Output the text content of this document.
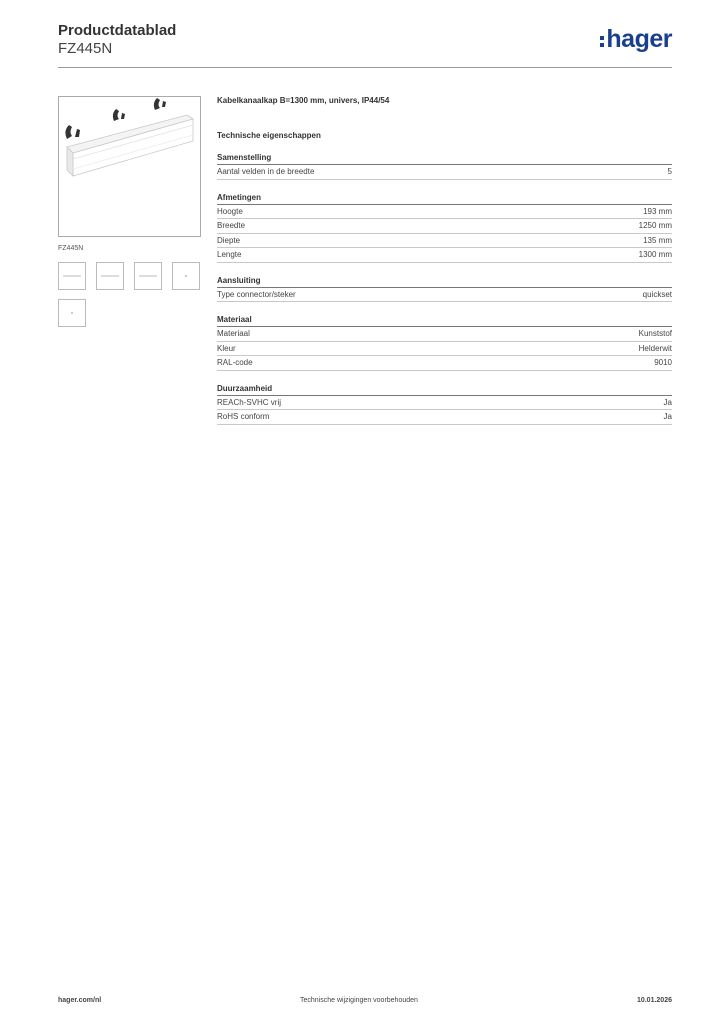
Productdatablad
FZ445N	hager
FZ445N
Kabelkanaalkap B=1300 mm, univers, IP44/54
Technische eigenschappen
Samenstelling
Aantal velden in de breedte	5
Afmetingen
Hoogte	193 mm
Breedte	1250 mm
Diepte	135 mm
Lengte	1300 mm
Aansluiting
Type connector/steker	quickset
Materiaal
Materiaal	Kunststof
Kleur	Helderwit
RAL-code	9010
Duurzaamheid
REACh-SVHC vrij	Ja
RoHS conform	Ja
hager.com/nl	Technische wijzigingen voorbehouden	10.01.2026
